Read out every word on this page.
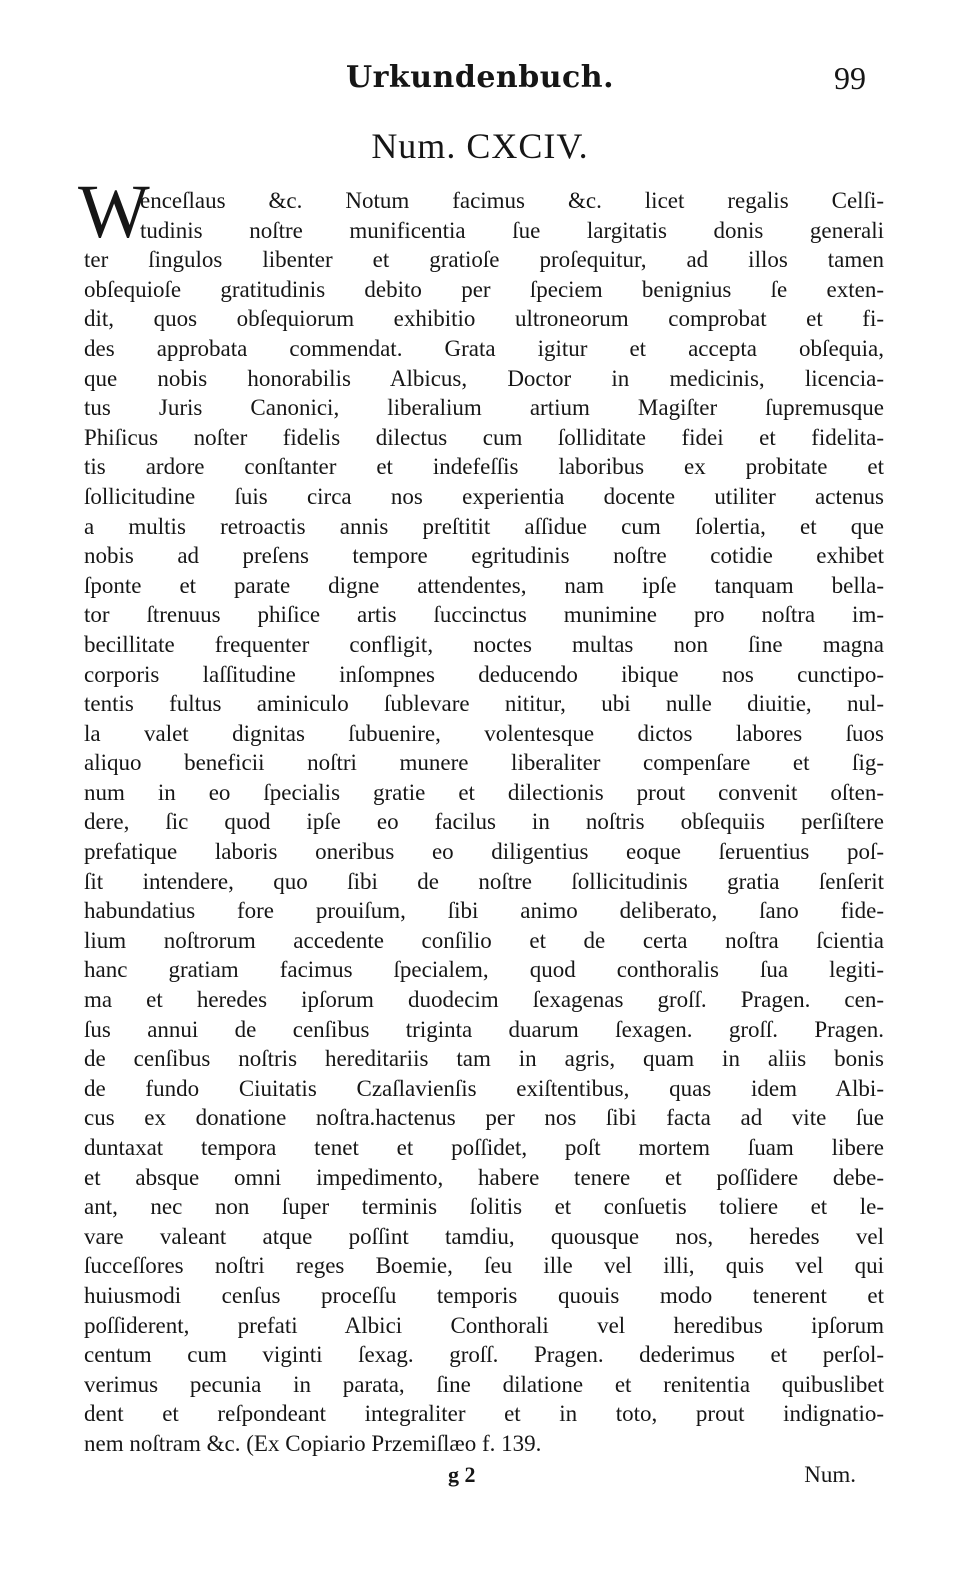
Urkundenbuch.	99
Num. CXCIV.
W
enceſlaus &c. Notum facimus &c. licet regalis Celſi-
tudinis noſtre munificentia ſue largitatis donis generali
ter ſingulos libenter et gratioſe proſequitur, ad illos tamen
obſequioſe gratitudinis debito per ſpeciem benignius ſe exten-
dit, quos obſequiorum exhibitio ultroneorum comprobat et fi-
des approbata commendat. Grata igitur et accepta obſequia,
que nobis honorabilis Albicus, Doctor in medicinis, licencia-
tus Juris Canonici, liberalium artium Magiſter ſupremusque
Phiſicus noſter fidelis dilectus cum ſolliditate fidei et fidelita-
tis ardore conſtanter et indefeſſis laboribus ex probitate et
ſollicitudine ſuis circa nos experientia docente utiliter actenus
a multis retroactis annis preſtitit aſſidue cum ſolertia, et que
nobis ad preſens tempore egritudinis noſtre cotidie exhibet
ſponte et parate digne attendentes, nam ipſe tanquam bella-
tor ſtrenuus phiſice artis ſuccinctus munimine pro noſtra im-
becillitate frequenter confligit, noctes multas non ſine magna
corporis laſſitudine inſompnes deducendo ibique nos cunctipo-
tentis fultus aminiculo ſublevare nititur, ubi nulle diuitie, nul-
la valet dignitas ſubuenire, volentesque dictos labores ſuos
aliquo beneficii noſtri munere liberaliter compenſare et ſig-
num in eo ſpecialis gratie et dilectionis prout convenit oſten-
dere, ſic quod ipſe eo facilus in noſtris obſequiis perſiſtere
prefatique laboris oneribus eo diligentius eoque ſeruentius poſ-
ſit intendere, quo ſibi de noſtre ſollicitudinis gratia ſenſerit
habundatius fore prouiſum, ſibi animo deliberato, ſano fide-
lium noſtrorum accedente conſilio et de certa noſtra ſcientia
hanc gratiam facimus ſpecialem, quod conthoralis ſua legiti-
ma et heredes ipſorum duodecim ſexagenas groſſ. Pragen. cen-
ſus annui de cenſibus triginta duarum ſexagen. groſſ. Pragen.
de cenſibus noſtris hereditariis tam in agris, quam in aliis bonis
de fundo Ciuitatis Czaſlavienſis exiſtentibus, quas idem Albi-
cus ex donatione noſtra.hactenus per nos ſibi facta ad vite ſue
duntaxat tempora tenet et poſſidet, poſt mortem ſuam libere
et absque omni impedimento, habere tenere et poſſidere debe-
ant, nec non ſuper terminis ſolitis et conſuetis toliere et le-
vare valeant atque poſſint tamdiu, quousque nos, heredes vel
ſucceſſores noſtri reges Boemie, ſeu ille vel illi, quis vel qui
huiusmodi cenſus proceſſu temporis quouis modo tenerent et
poſſiderent, prefati Albici Conthorali vel heredibus ipſorum
centum cum viginti ſexag. groſſ. Pragen. dederimus et perſol-
verimus pecunia in parata, ſine dilatione et renitentia quibuslibet
dent et reſpondeant integraliter et in toto, prout indignatio-
nem noſtram &c. (Ex Copiario Przemiſlæo f. 139.
g 2	Num.
